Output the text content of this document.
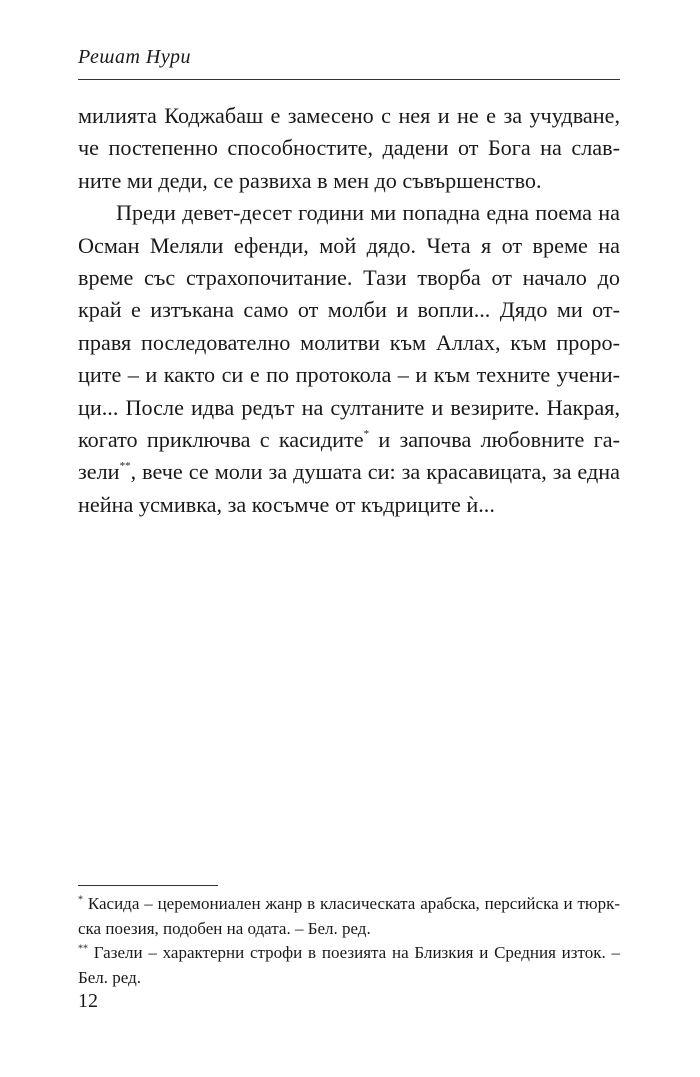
Решат Нури
милията Коджабаш е замесено с нея и не е за учудване,
че постепенно способностите, дадени от Бога на слав-
ните ми деди, се развиха в мен до съвършенство.
Преди девет-десет години ми попадна една поема на
Осман Меляли ефенди, мой дядо. Чета я от време на
време със страхопочитание. Тази творба от начало до
край е изтъкана само от молби и вопли... Дядо ми от-
правя последователно молитви към Аллах, към проро-
ците – и както си е по протокола – и към техните учени-
ци... После идва редът на султаните и везирите. Накрая,
когато приключва с касидите* и започва любовните га-
зели**, вече се моли за душата си: за красавицата, за една
нейна усмивка, за косъмче от къдриците ѝ...
* Касида – церемониален жанр в класическата арабска, персийска и тюрк-
ска поезия, подобен на одата. – Бел. ред.
** Газели – характерни строфи в поезията на Близкия и Средния изток. –
Бел. ред.
12
